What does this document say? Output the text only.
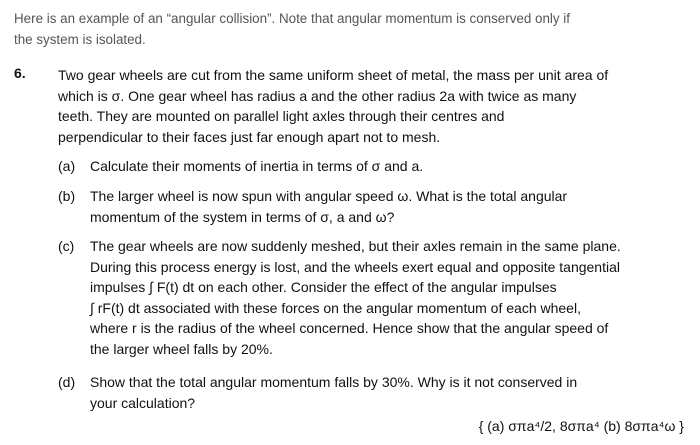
Here is an example of an “angular collision”. Note that angular momentum is conserved only if
the system is isolated.
6. Two gear wheels are cut from the same uniform sheet of metal, the mass per unit area of
which is σ. One gear wheel has radius a and the other radius 2a with twice as many
teeth. They are mounted on parallel light axles through their centres and
perpendicular to their faces just far enough apart not to mesh.
(a) Calculate their moments of inertia in terms of σ and a.
(b) The larger wheel is now spun with angular speed ω. What is the total angular
momentum of the system in terms of σ, a and ω?
(c) The gear wheels are now suddenly meshed, but their axles remain in the same plane.
During this process energy is lost, and the wheels exert equal and opposite tangential
impulses ∫ F(t) dt on each other. Consider the effect of the angular impulses
∫ rF(t) dt associated with these forces on the angular momentum of each wheel,
where r is the radius of the wheel concerned. Hence show that the angular speed of
the larger wheel falls by 20%.
(d) Show that the total angular momentum falls by 30%. Why is it not conserved in
your calculation?
{ (a) σπa⁴/2, 8σπa⁴ (b) 8σπa⁴ω }
